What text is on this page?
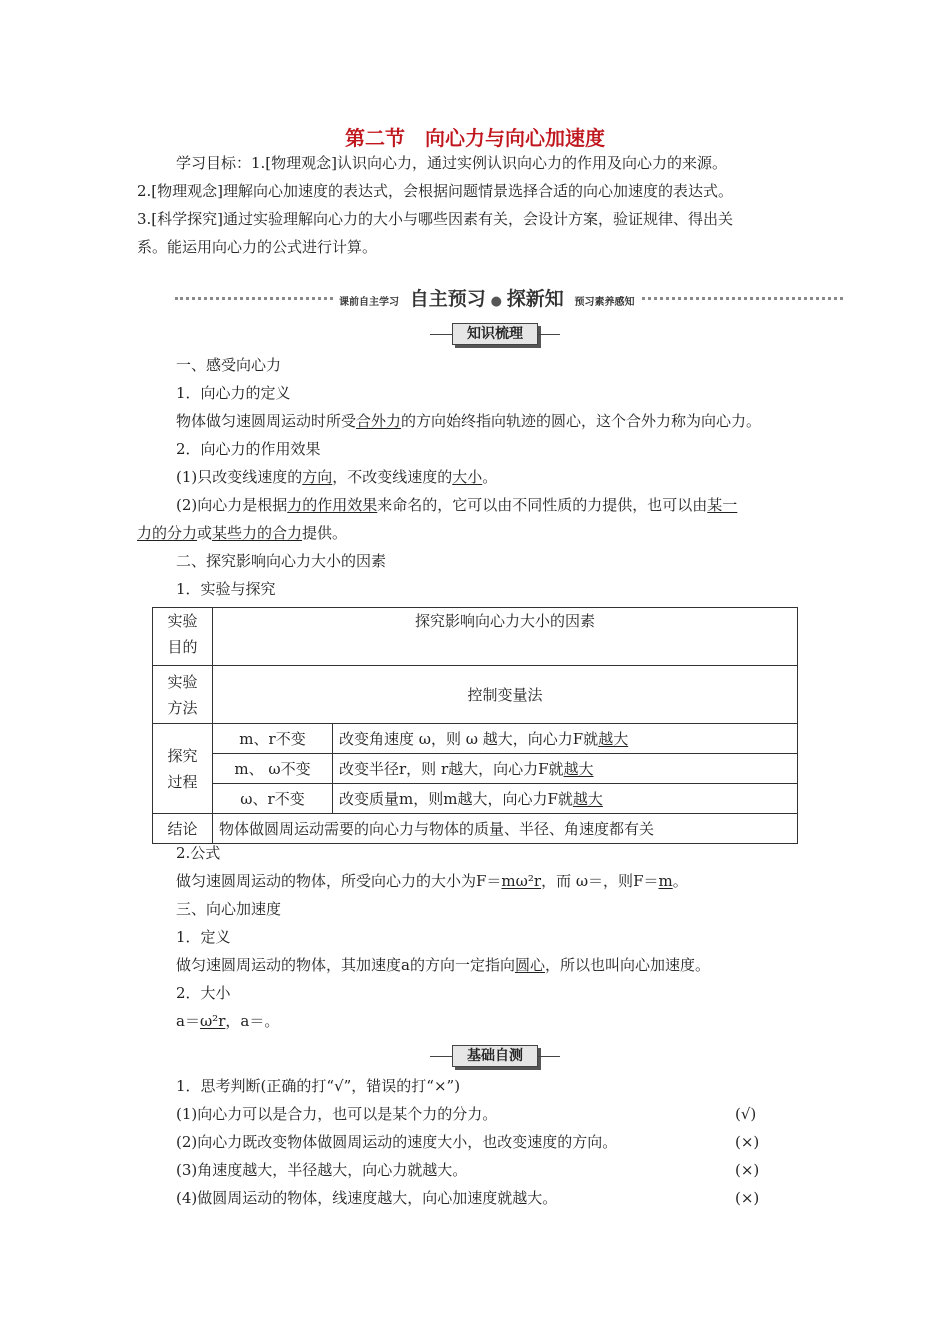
第二节　向心力与向心加速度
学习目标：1.[物理观念]认识向心力，通过实例认识向心力的作用及向心力的来源。
2.[物理观念]理解向心加速度的表达式，会根据问题情景选择合适的向心加速度的表达式。
3.[科学探究]通过实验理解向心力的大小与哪些因素有关，会设计方案，验证规律、得出关
系。能运用向心力的公式进行计算。
课前自主学习 自主预习 ● 探新知 预习素养感知
知识梳理
一、感受向心力
1．向心力的定义
物体做匀速圆周运动时所受合外力的方向始终指向轨迹的圆心，这个合外力称为向心力。
2．向心力的作用效果
(1)只改变线速度的方向，不改变线速度的大小。
(2)向心力是根据力的作用效果来命名的，它可以由不同性质的力提供，也可以由某一
力的分力或某些力的合力提供。
二、探究影响向心力大小的因素
1．实验与探究
实验
目的	探究影响向心力大小的因素	

实验
方法	控制变量法	

探究
过程	m、r不变	改变角速度 ω，则 ω 越大，向心力F就越大
	m、 ω不变	改变半径r，则 r越大，向心力F就越大
	ω、r不变	改变质量m，则m越大，向心力F就越大
结论	物体做圆周运动需要的向心力与物体的质量、半径、角速度都有关	
2.公式
做匀速圆周运动的物体，所受向心力的大小为F＝mω²r，而 ω＝，则F＝m。
三、向心加速度
1．定义
做匀速圆周运动的物体，其加速度a的方向一定指向圆心，所以也叫向心加速度。
2．大小
a＝ω²r，a＝。
基础自测
1．思考判断(正确的打“√”，错误的打“×”)
(1)向心力可以是合力，也可以是某个力的分力。	(√)
(2)向心力既改变物体做圆周运动的速度大小，也改变速度的方向。	(×)
(3)角速度越大，半径越大，向心力就越大。	(×)
(4)做圆周运动的物体，线速度越大，向心加速度就越大。	(×)
